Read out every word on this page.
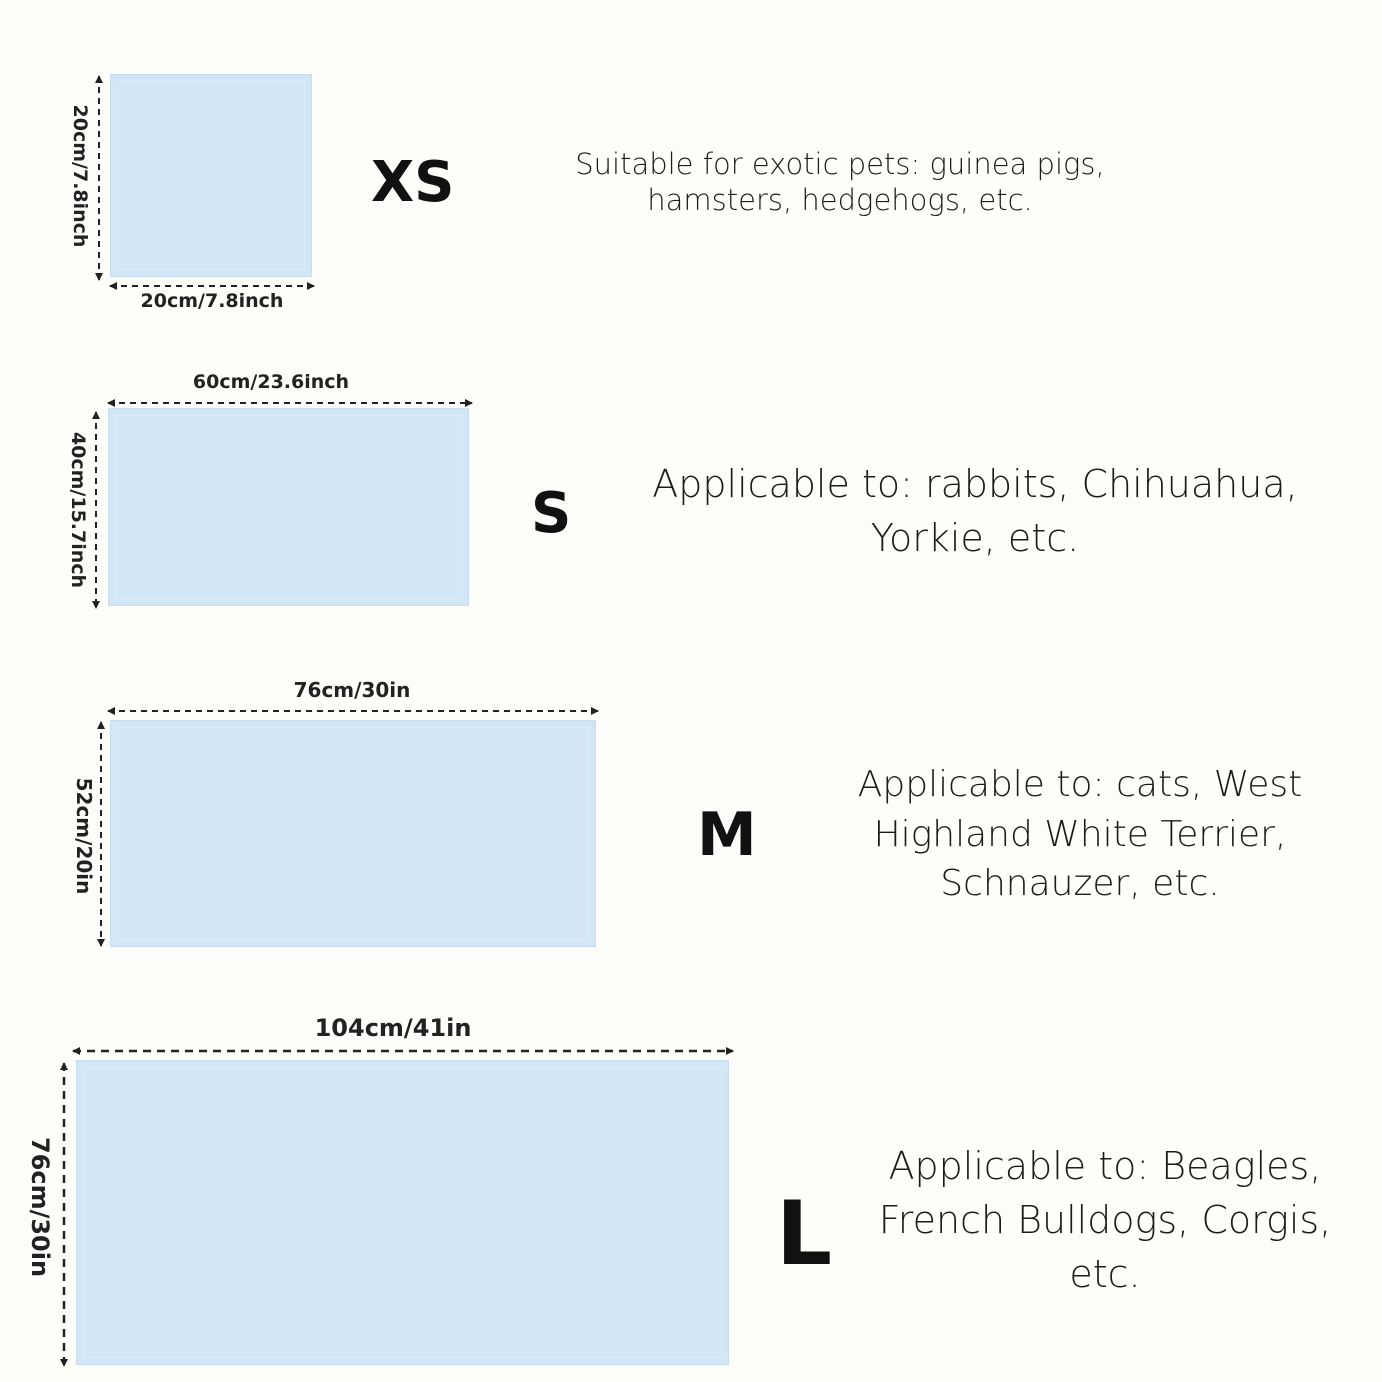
20cm/7.8inch
20cm/7.8inch
XS	Suitable for exotic pets: guinea pigs,
hamsters, hedgehogs, etc.
60cm/23.6inch
40cm/15.7inch	S	Applicable to: rabbits, Chihuahua,
Yorkie, etc.
76cm/30in
52cm/20in	M
Applicable to: cats, West
Highland White Terrier,
Schnauzer, etc.
104cm/41in
76cm/30in	L
Applicable to: Beagles,
French Bulldogs, Corgis,
etc.
